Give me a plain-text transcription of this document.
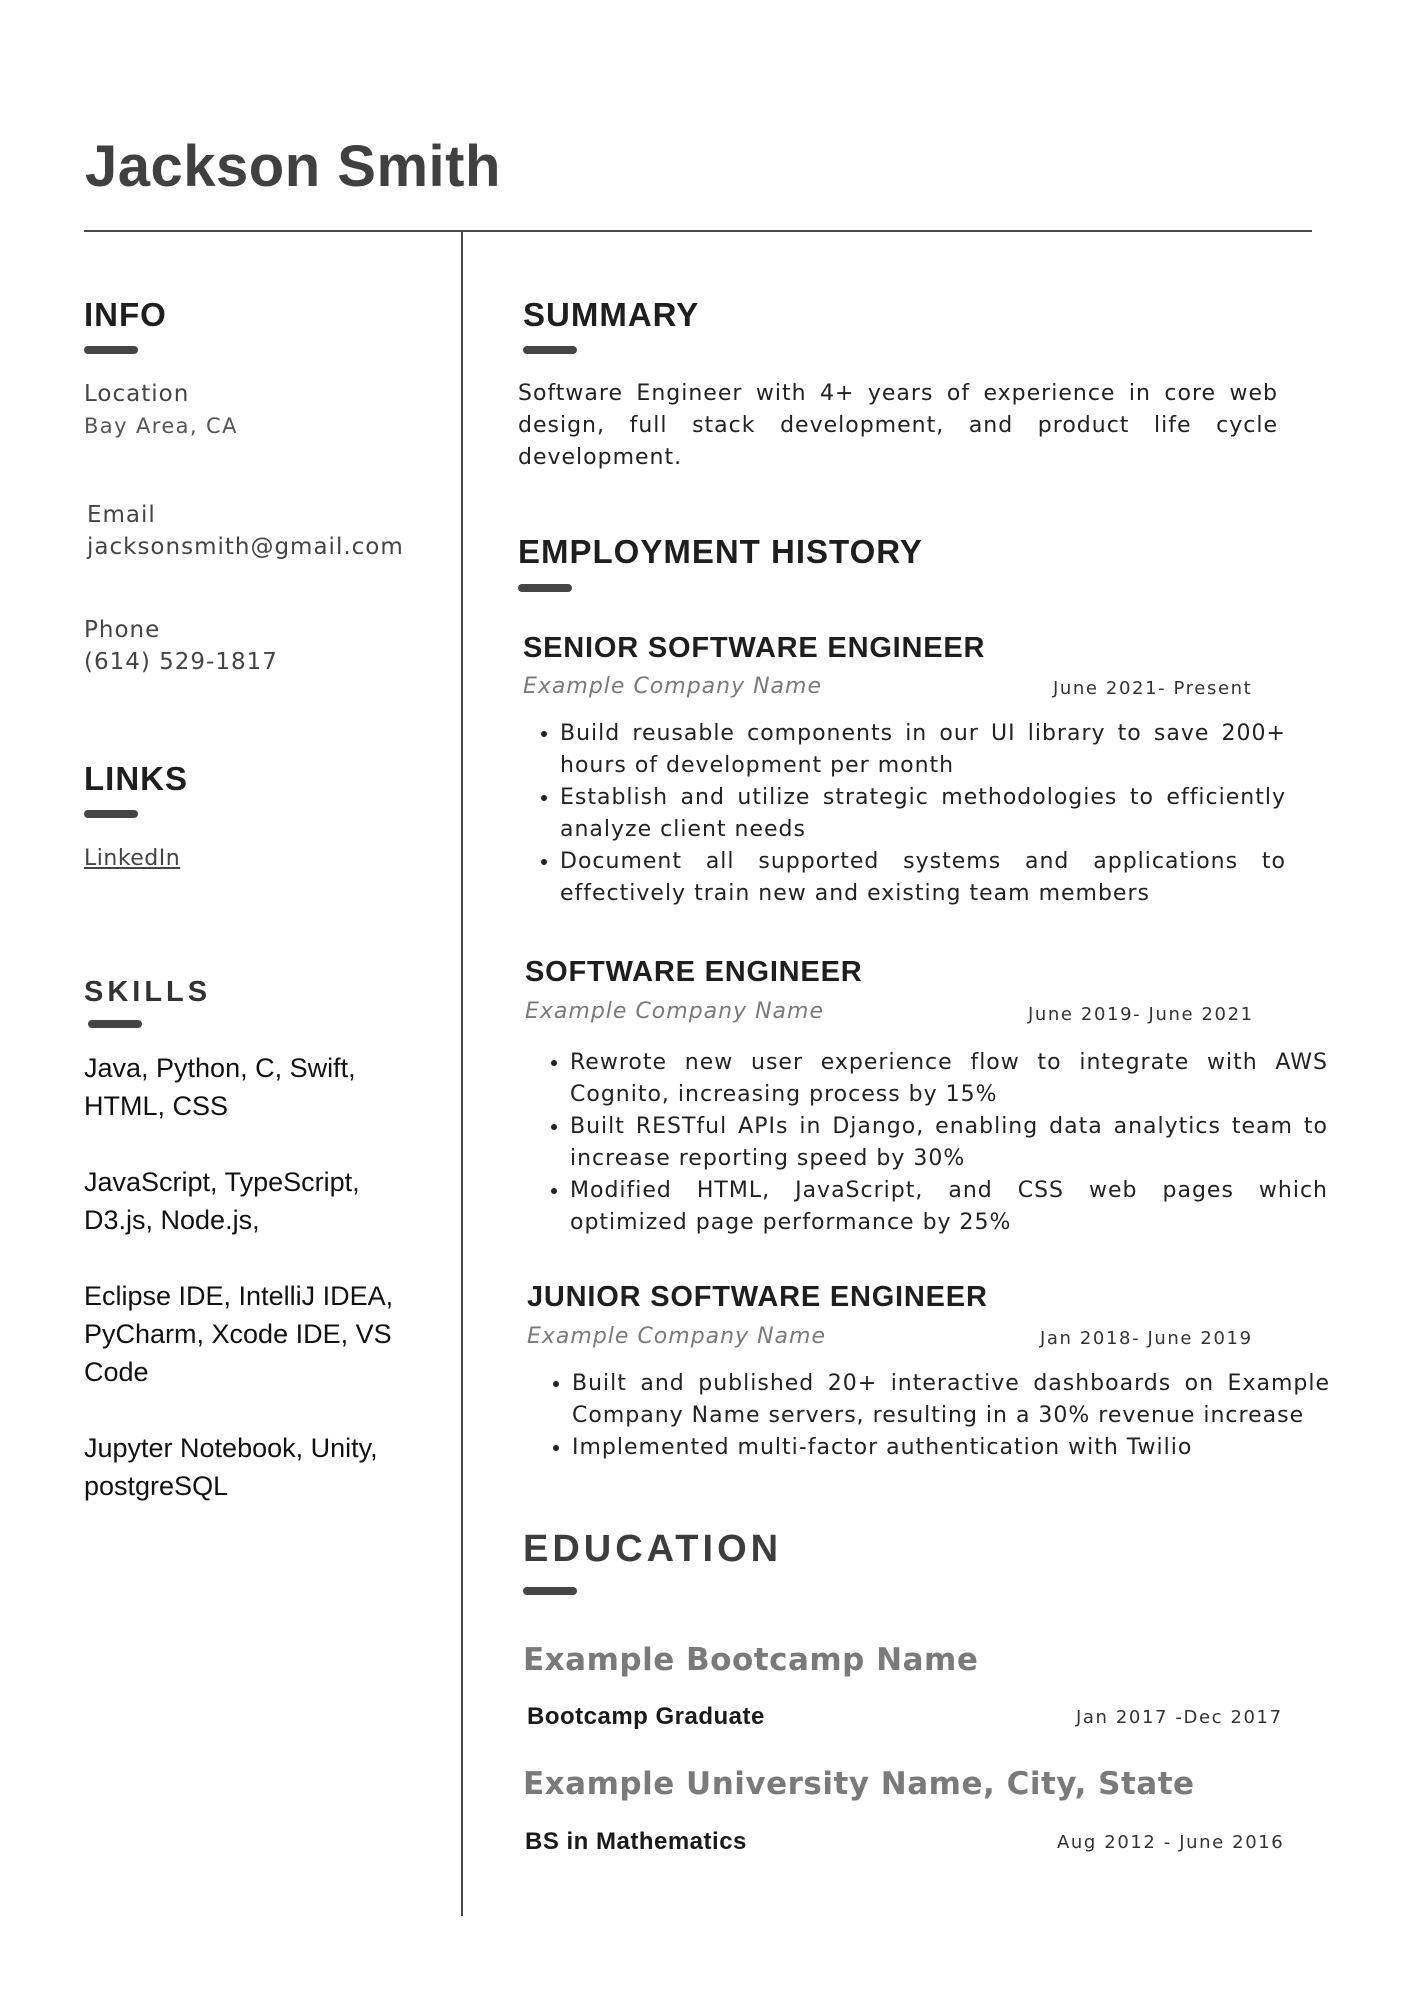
Jackson Smith
INFO
Location
Bay Area, CA
Email
jacksonsmith@gmail.com
Phone
(614) 529-1817
LINKS
LinkedIn
SKILLS
Java, Python, C, Swift, HTML, CSS
JavaScript, TypeScript, D3.js, Node.js,
Eclipse IDE, IntelliJ IDEA, PyCharm, Xcode IDE, VS Code
Jupyter Notebook, Unity, postgreSQL
SUMMARY

Software Engineer with 4+ years of experience in core web design, full stack development, and product life cycle development.

EMPLOYMENT HISTORY
SENIOR SOFTWARE ENGINEER
Example Company Name	June 2021- Present
• Build reusable components in our UI library to save 200+ hours of development per month
• Establish and utilize strategic methodologies to efficiently analyze client needs
• Document all supported systems and applications to effectively train new and existing team members
SOFTWARE ENGINEER
Example Company Name	June 2019- June 2021
• Rewrote new user experience flow to integrate with AWS Cognito, increasing process by 15%
• Built RESTful APIs in Django, enabling data analytics team to increase reporting speed by 30%
• Modified HTML, JavaScript, and CSS web pages which optimized page performance by 25%
JUNIOR SOFTWARE ENGINEER
Example Company Name	Jan 2018- June 2019
• Built and published 20+ interactive dashboards on Example Company Name servers, resulting in a 30% revenue increase
• Implemented multi-factor authentication with Twilio
EDUCATION
Example Bootcamp Name
Bootcamp Graduate	Jan 2017 -Dec 2017
Example University Name, City, State
BS in Mathematics	Aug 2012 - June 2016
